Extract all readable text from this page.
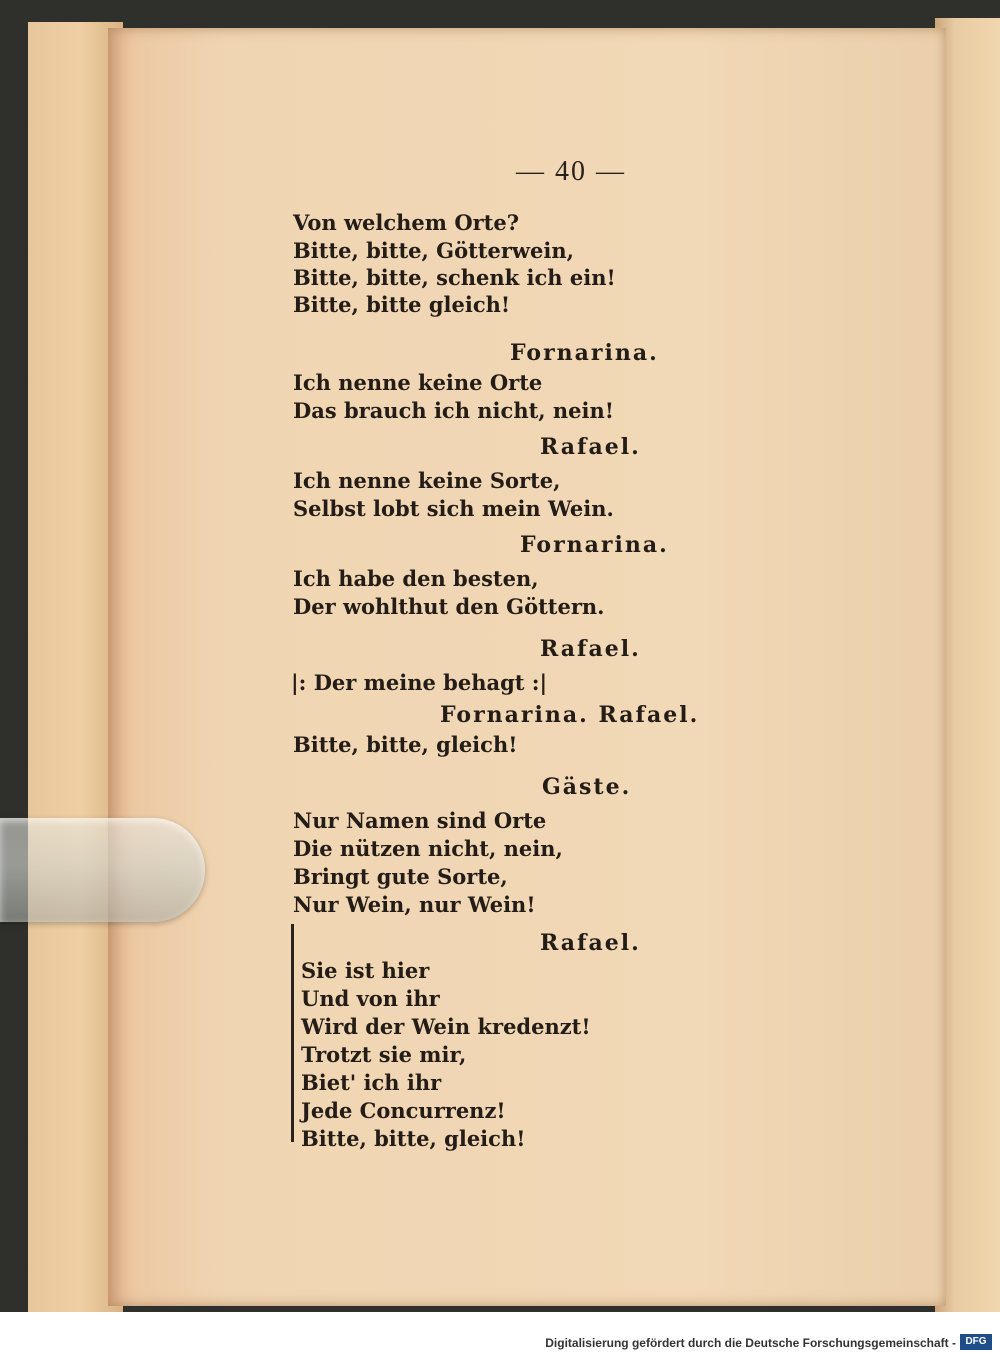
— 40 —
Von welchem Orte?
Bitte, bitte, Götterwein,
Bitte, bitte, schenk ich ein!
Bitte, bitte gleich!
Fornarina.
Ich nenne keine Orte
Das brauch ich nicht, nein!
Rafael.
Ich nenne keine Sorte,
Selbst lobt sich mein Wein.
Fornarina.
Ich habe den besten,
Der wohlthut den Göttern.
Rafael.
|: Der meine behagt :|
Fornarina. Rafael.
Bitte, bitte, gleich!
Gäste.
Nur Namen sind Orte
Die nützen nicht, nein,
Bringt gute Sorte,
Nur Wein, nur Wein!
Rafael.
Sie ist hier
Und von ihr
Wird der Wein kredenzt!
Trotzt sie mir,
Biet' ich ihr
Jede Concurrenz!
Bitte, bitte, gleich!
Digitalisierung gefördert durch die Deutsche Forschungsgemeinschaft - DFG
